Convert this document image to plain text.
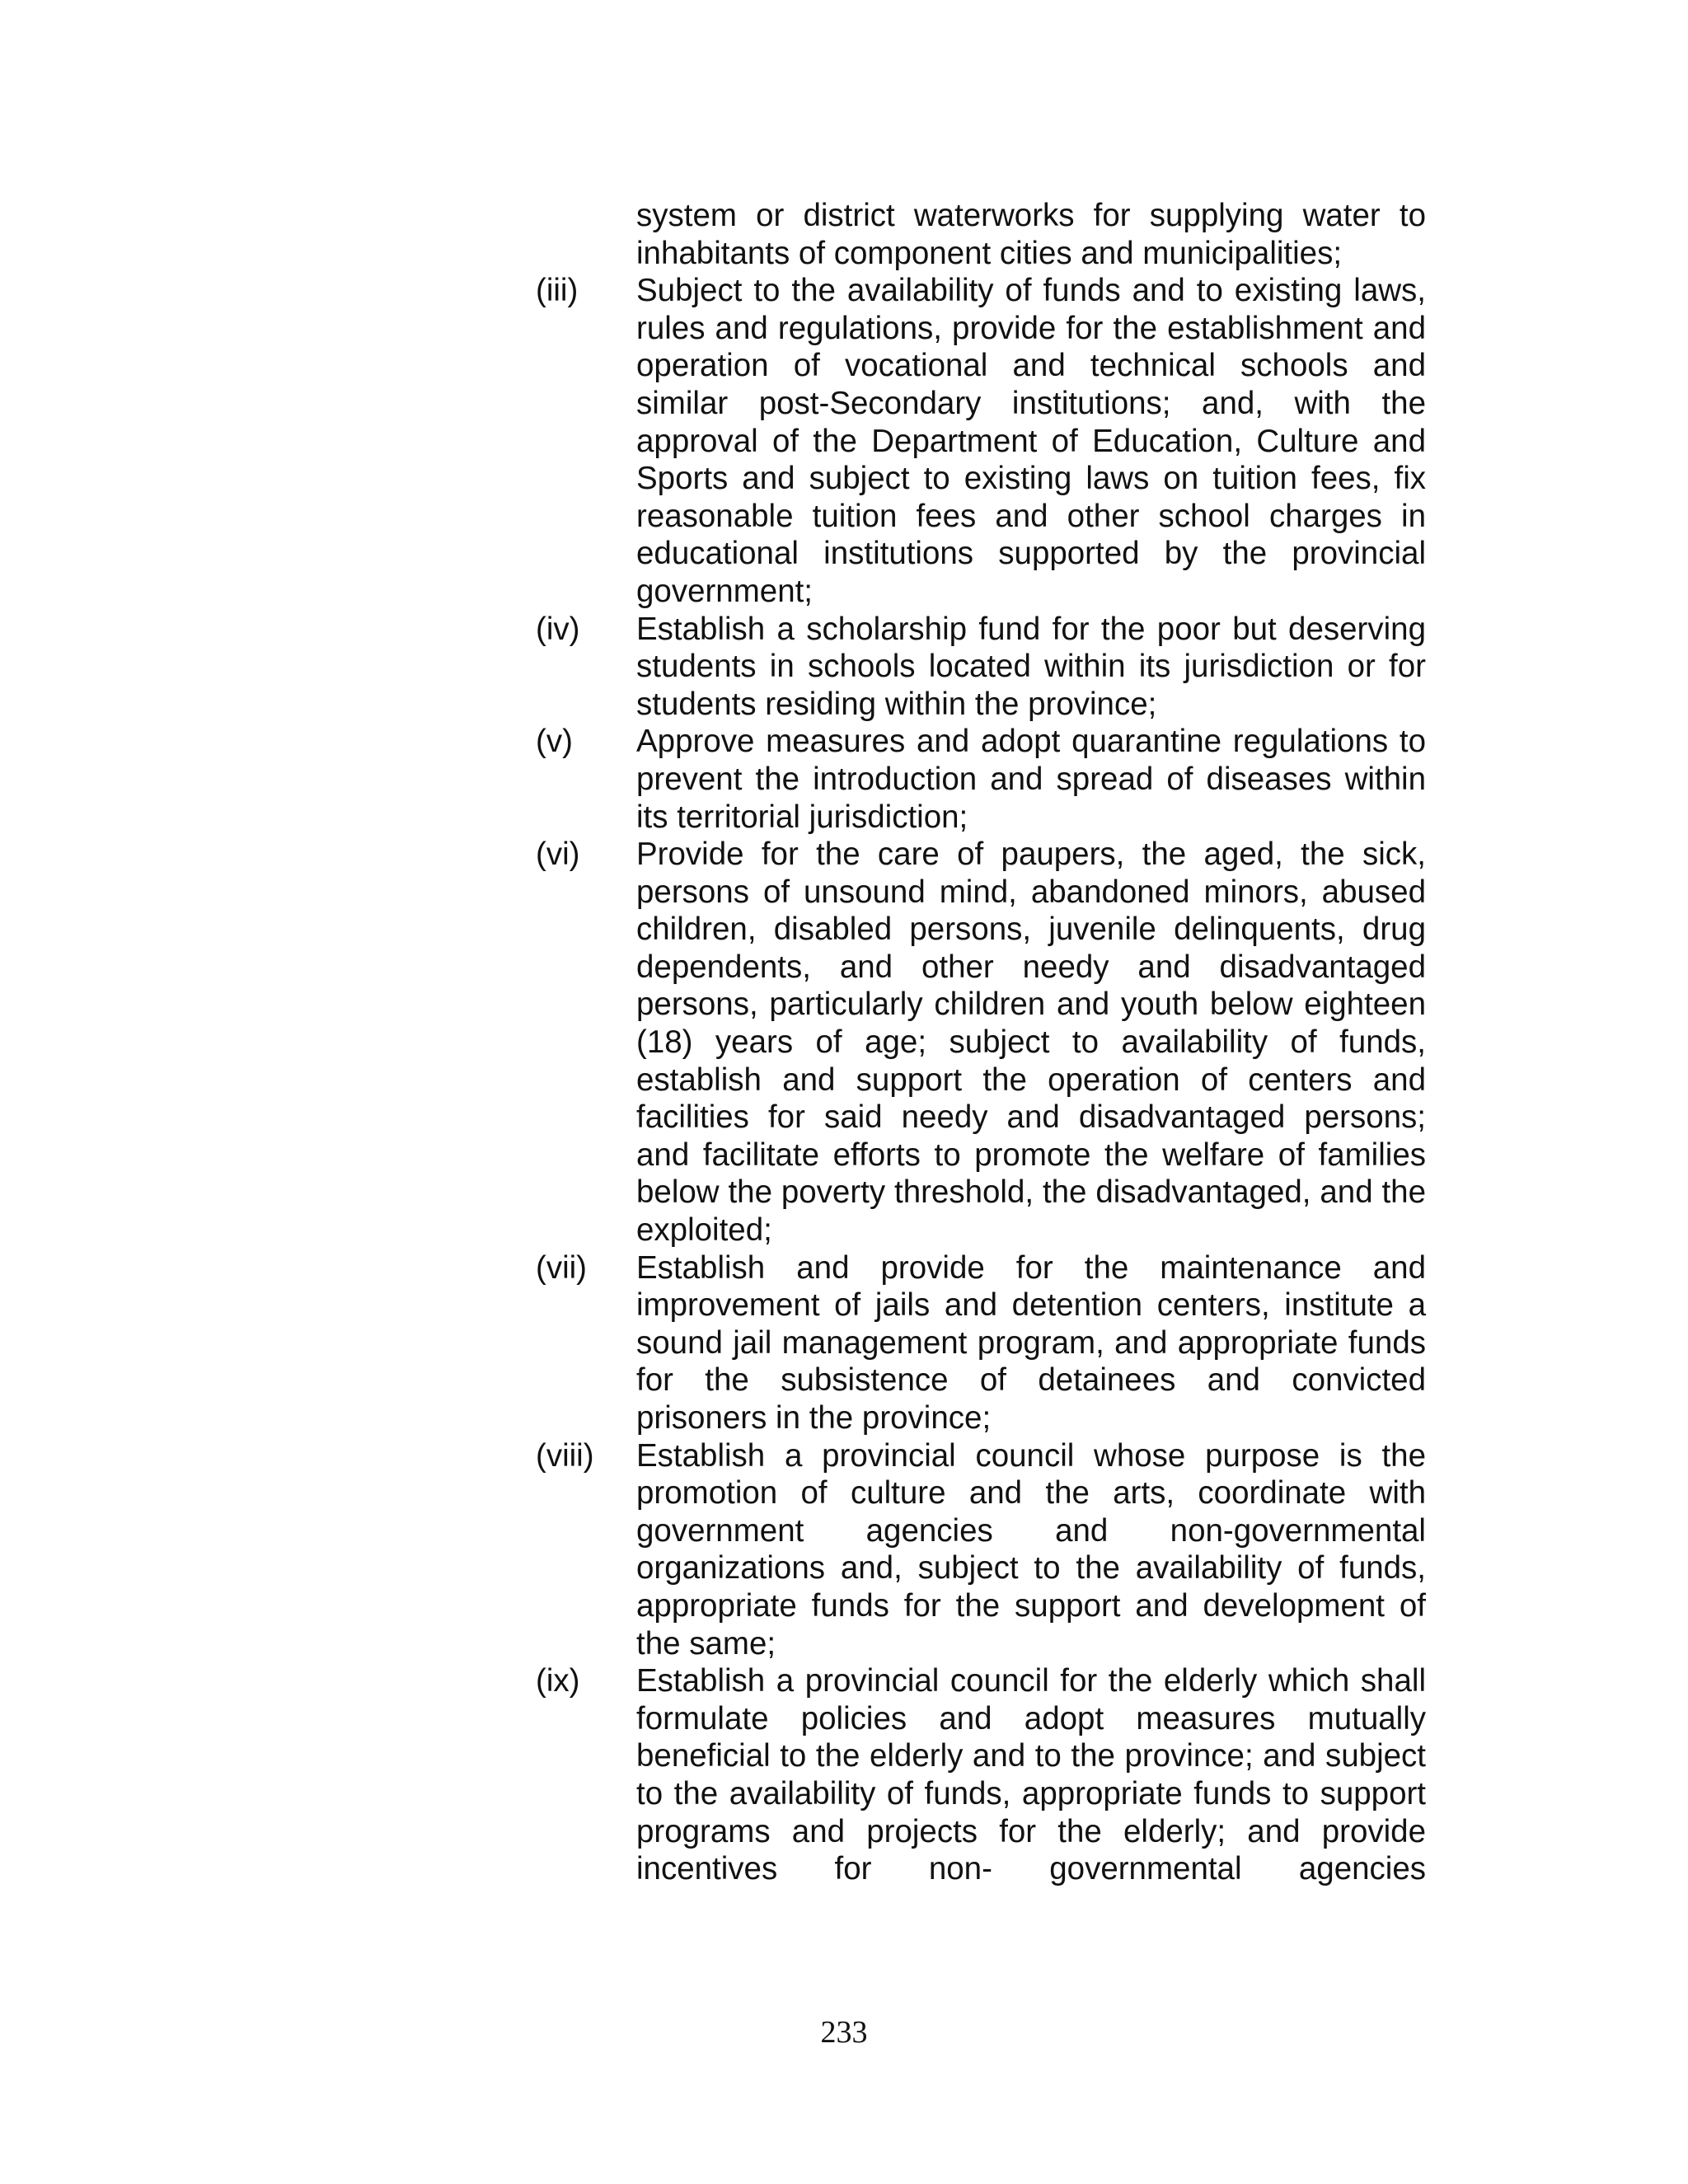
system or district waterworks for supplying water to inhabitants of component cities and municipalities;
(iii)	Subject to the availability of funds and to existing laws, rules and regulations, provide for the establishment and operation of vocational and technical schools and similar post-Secondary institutions; and, with the approval of the Department of Education, Culture and Sports and subject to existing laws on tuition fees, fix reasonable tuition fees and other school charges in educational institutions supported by the provincial government;
(iv)	Establish a scholarship fund for the poor but deserving students in schools located within its jurisdiction or for students residing within the province;
(v)	Approve measures and adopt quarantine regulations to prevent the introduction and spread of diseases within its territorial jurisdiction;
(vi)	Provide for the care of paupers, the aged, the sick, persons of unsound mind, abandoned minors, abused children, disabled persons, juvenile delinquents, drug dependents, and other needy and disadvantaged persons, particularly children and youth below eighteen (18) years of age; subject to availability of funds, establish and support the operation of centers and facilities for said needy and disadvantaged persons; and facilitate efforts to promote the welfare of families below the poverty threshold, the disadvantaged, and the exploited;
(vii)	Establish and provide for the maintenance and improvement of jails and detention centers, institute a sound jail management program, and appropriate funds for the subsistence of detainees and convicted prisoners in the province;
(viii)	Establish a provincial council whose purpose is the promotion of culture and the arts, coordinate with government agencies and non-governmental organizations and, subject to the availability of funds, appropriate funds for the support and development of the same;
(ix)	Establish a provincial council for the elderly which shall formulate policies and adopt measures mutually beneficial to the elderly and to the province; and subject to the availability of funds, appropriate funds to support programs and projects for the elderly; and provide incentives for non- governmental agencies
233
